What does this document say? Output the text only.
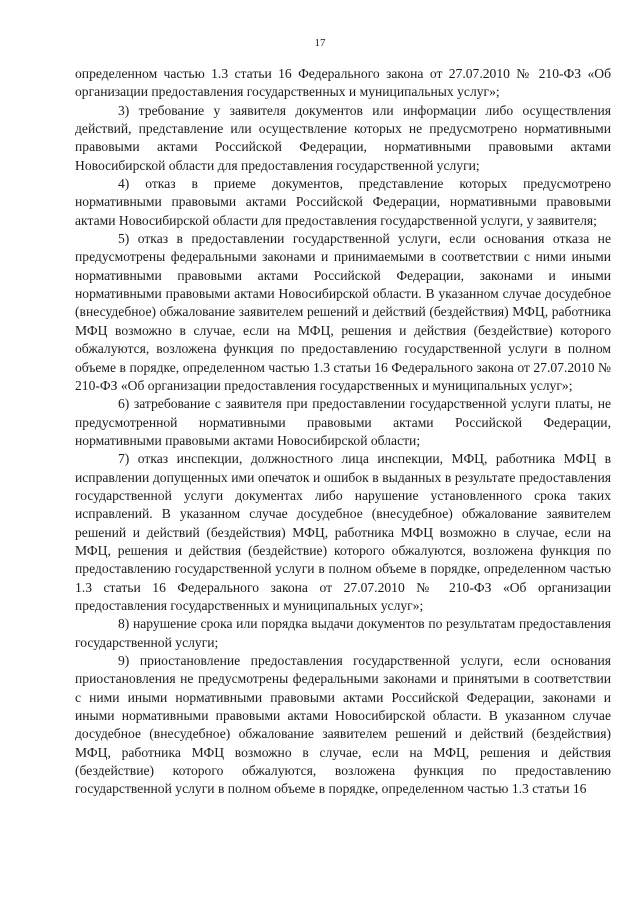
17

определенном частью 1.3 статьи 16 Федерального закона от 27.07.2010 № 210-ФЗ «Об организации предоставления государственных и муниципальных услуг»;

3) требование у заявителя документов или информации либо осуществления действий, представление или осуществление которых не предусмотрено нормативными правовыми актами Российской Федерации, нормативными правовыми актами Новосибирской области для предоставления государственной услуги;

4) отказ в приеме документов, представление которых предусмотрено нормативными правовыми актами Российской Федерации, нормативными правовыми актами Новосибирской области для предоставления государственной услуги, у заявителя;

5) отказ в предоставлении государственной услуги, если основания отказа не предусмотрены федеральными законами и принимаемыми в соответствии с ними иными нормативными правовыми актами Российской Федерации, законами и иными нормативными правовыми актами Новосибирской области. В указанном случае досудебное (внесудебное) обжалование заявителем решений и действий (бездействия) МФЦ, работника МФЦ возможно в случае, если на МФЦ, решения и действия (бездействие) которого обжалуются, возложена функция по предоставлению государственной услуги в полном объеме в порядке, определенном частью 1.3 статьи 16 Федерального закона от 27.07.2010 № 210-ФЗ «Об организации предоставления государственных и муниципальных услуг»;

6) затребование с заявителя при предоставлении государственной услуги платы, не предусмотренной нормативными правовыми актами Российской Федерации, нормативными правовыми актами Новосибирской области;

7) отказ инспекции, должностного лица инспекции, МФЦ, работника МФЦ в исправлении допущенных ими опечаток и ошибок в выданных в результате предоставления государственной услуги документах либо нарушение установленного срока таких исправлений. В указанном случае досудебное (внесудебное) обжалование заявителем решений и действий (бездействия) МФЦ, работника МФЦ возможно в случае, если на МФЦ, решения и действия (бездействие) которого обжалуются, возложена функция по предоставлению государственной услуги в полном объеме в порядке, определенном частью 1.3 статьи 16 Федерального закона от 27.07.2010 № 210-ФЗ «Об организации предоставления государственных и муниципальных услуг»;

8) нарушение срока или порядка выдачи документов по результатам предоставления государственной услуги;

9) приостановление предоставления государственной услуги, если основания приостановления не предусмотрены федеральными законами и принятыми в соответствии с ними иными нормативными правовыми актами Российской Федерации, законами и иными нормативными правовыми актами Новосибирской области. В указанном случае досудебное (внесудебное) обжалование заявителем решений и действий (бездействия) МФЦ, работника МФЦ возможно в случае, если на МФЦ, решения и действия (бездействие) которого обжалуются, возложена функция по предоставлению государственной услуги в полном объеме в порядке, определенном частью 1.3 статьи 16
